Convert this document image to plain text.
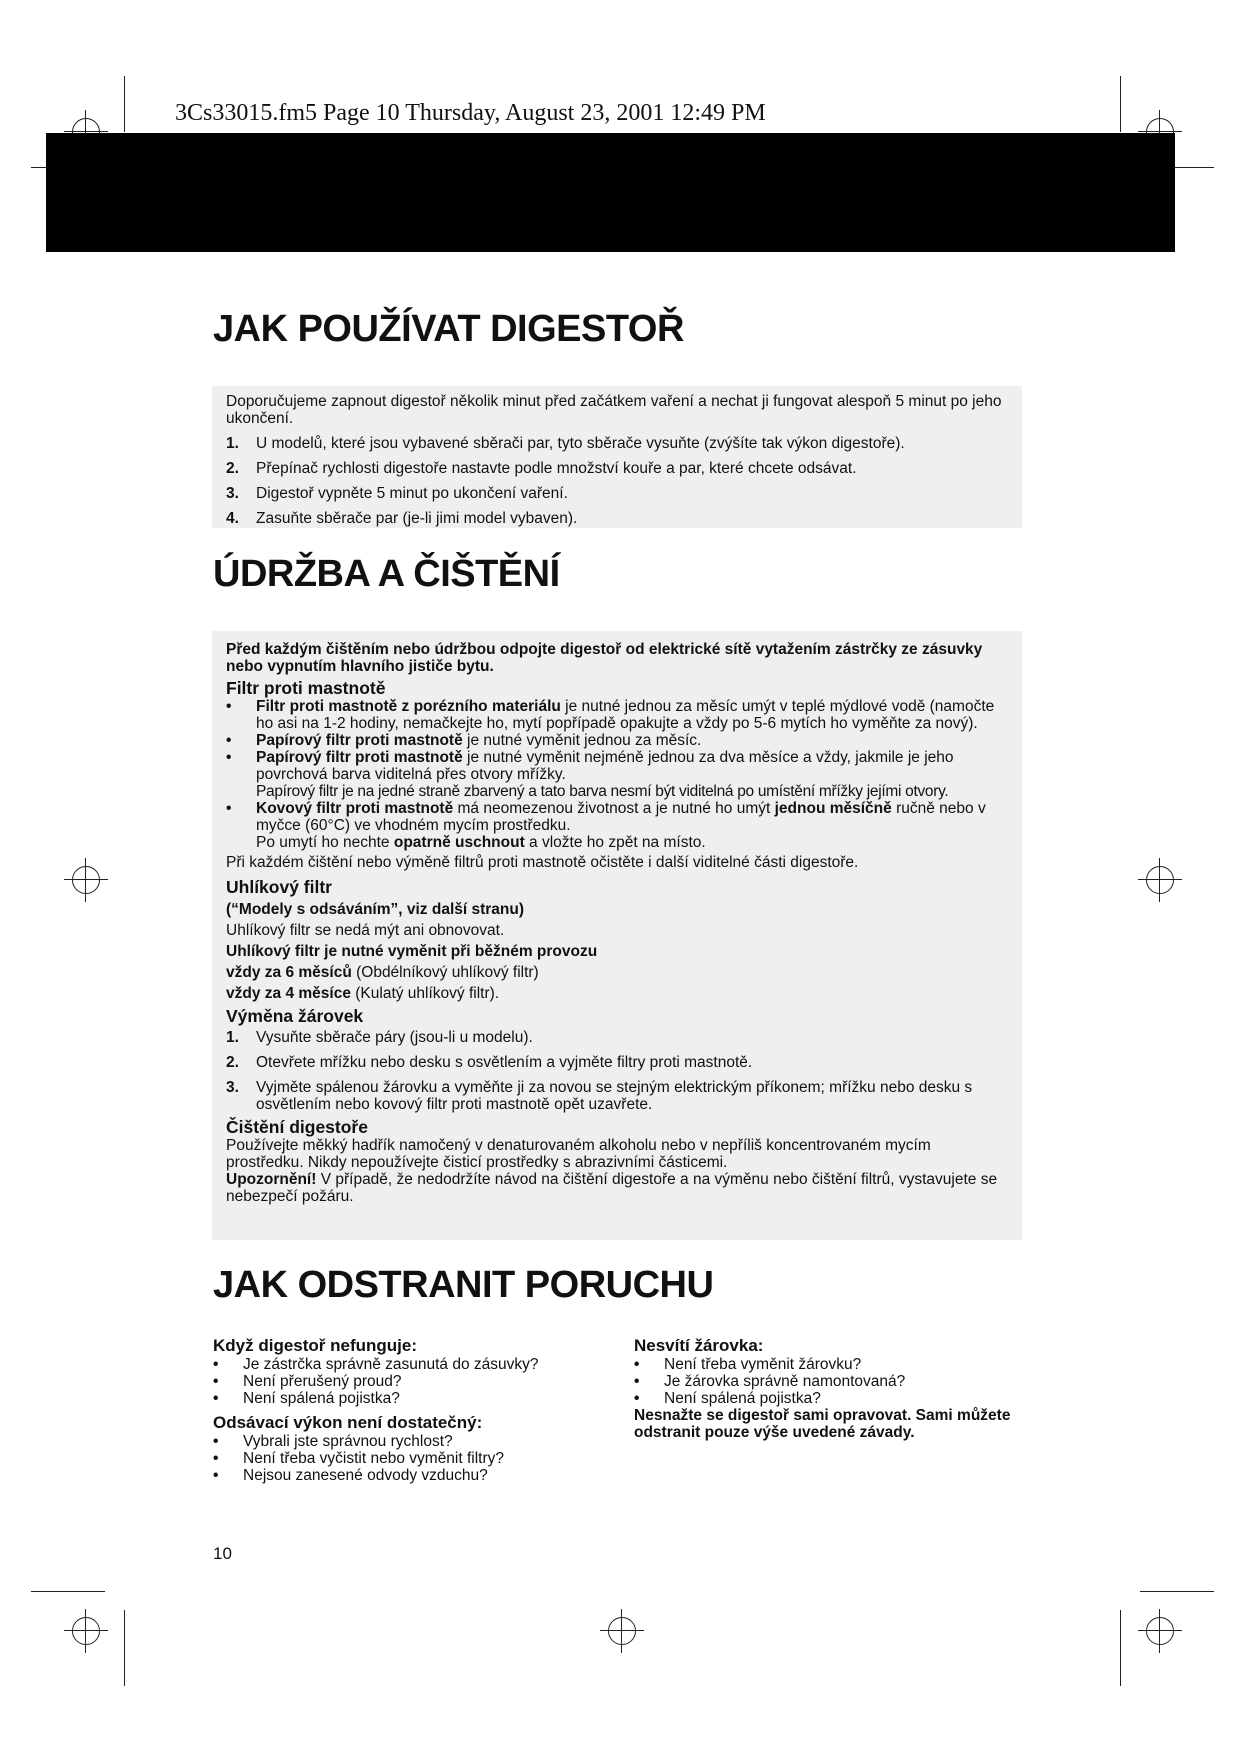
3Cs33015.fm5 Page 10 Thursday, August 23, 2001 12:49 PM
JAK POUŽÍVAT DIGESTOŘ
Doporučujeme zapnout digestoř několik minut před začátkem vaření a nechat ji fungovat alespoň 5 minut po jeho ukončení.
1.	U modelů, které jsou vybavené sběrači par, tyto sběrače vysuňte (zvýšíte tak výkon digestoře).
2.	Přepínač rychlosti digestoře nastavte podle množství kouře a par, které chcete odsávat.
3.	Digestoř vypněte 5 minut po ukončení vaření.
4.	Zasuňte sběrače par (je-li jimi model vybaven).
ÚDRŽBA A ČIŠTĚNÍ
Před každým čištěním nebo údržbou odpojte digestoř od elektrické sítě vytažením zástrčky ze zásuvky nebo vypnutím hlavního jističe bytu.
Filtr proti mastnotě
•	Filtr proti mastnotě z porézního materiálu je nutné jednou za měsíc umýt v teplé mýdlové vodě (namočte ho asi na 1-2 hodiny, nemačkejte ho, mytí popřípadě opakujte a vždy po 5-6 mytích ho vyměňte za nový).
•	Papírový filtr proti mastnotě je nutné vyměnit jednou za měsíc.
•	Papírový filtr proti mastnotě je nutné vyměnit nejméně jednou za dva měsíce a vždy, jakmile je jeho povrchová barva viditelná přes otvory mřížky.
Papírový filtr je na jedné straně zbarvený a tato barva nesmí být viditelná po umístění mřížky jejími otvory.
•	Kovový filtr proti mastnotě má neomezenou životnost a je nutné ho umýt jednou měsíčně ručně nebo v myčce (60°C) ve vhodném mycím prostředku.
Po umytí ho nechte opatrně uschnout a vložte ho zpět na místo.
Při každém čištění nebo výměně filtrů proti mastnotě očistěte i další viditelné části digestoře.
Uhlíkový filtr
(“Modely s odsáváním”, viz další stranu)
Uhlíkový filtr se nedá mýt ani obnovovat.
Uhlíkový filtr je nutné vyměnit při běžném provozu
vždy za 6 měsíců (Obdélníkový uhlíkový filtr)
vždy za 4 měsíce (Kulatý uhlíkový filtr).
Výměna žárovek
1.	Vysuňte sběrače páry (jsou-li u modelu).
2.	Otevřete mřížku nebo desku s osvětlením a vyjměte filtry proti mastnotě.
3.	Vyjměte spálenou žárovku a vyměňte ji za novou se stejným elektrickým příkonem; mřížku nebo desku s osvětlením nebo kovový filtr proti mastnotě opět uzavřete.
Čištění digestoře
Používejte měkký hadřík namočený v denaturovaném alkoholu nebo v nepříliš koncentrovaném mycím prostředku. Nikdy nepoužívejte čisticí prostředky s abrazivními částicemi.
Upozornění! V případě, že nedodržíte návod na čištění digestoře a na výměnu nebo čištění filtrů, vystavujete se nebezpečí požáru.
JAK ODSTRANIT PORUCHU
Když digestoř nefunguje:
•	Je zástrčka správně zasunutá do zásuvky?
•	Není přerušený proud?
•	Není spálená pojistka?
Odsávací výkon není dostatečný:
•	Vybrali jste správnou rychlost?
•	Není třeba vyčistit nebo vyměnit filtry?
•	Nejsou zanesené odvody vzduchu?
Nesvítí žárovka:
•	Není třeba vyměnit žárovku?
•	Je žárovka správně namontovaná?
•	Není spálená pojistka?
Nesnažte se digestoř sami opravovat. Sami můžete odstranit pouze výše uvedené závady.
10
